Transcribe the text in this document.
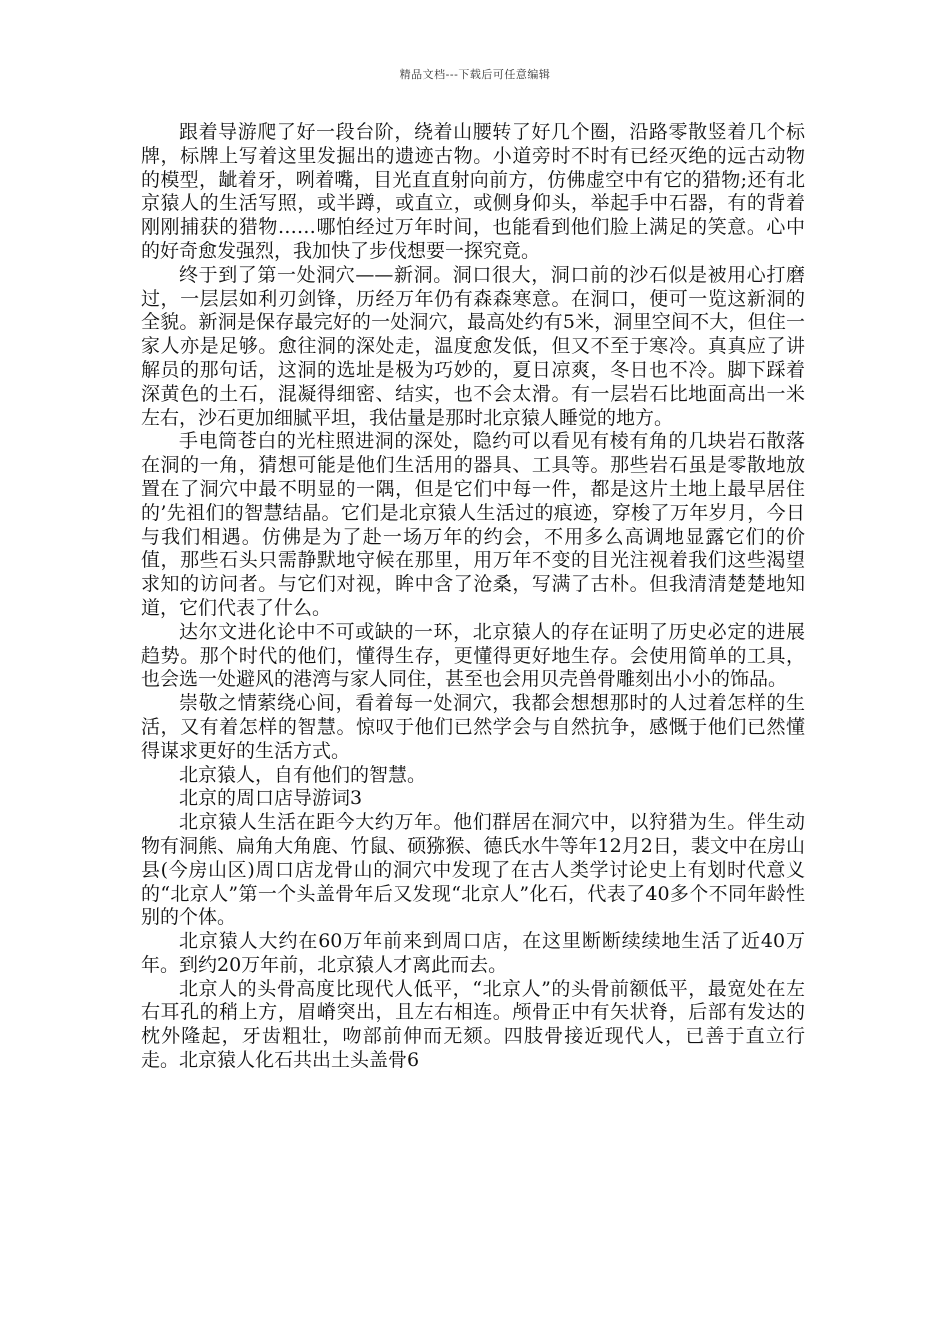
精品文档---下载后可任意编辑

跟着导游爬了好一段台阶，绕着山腰转了好几个圈，沿路零散竖着几个标牌，标牌上写着这里发掘出的遗迹古物。小道旁时不时有已经灭绝的远古动物的模型，龇着牙，咧着嘴，目光直直射向前方，仿佛虚空中有它的猎物;还有北京猿人的生活写照，或半蹲，或直立，或侧身仰头，举起手中石器，有的背着刚刚捕获的猎物……哪怕经过万年时间，也能看到他们脸上满足的笑意。心中的好奇愈发强烈，我加快了步伐想要一探究竟。

终于到了第一处洞穴——新洞。洞口很大，洞口前的沙石似是被用心打磨过，一层层如利刃剑锋，历经万年仍有森森寒意。在洞口，便可一览这新洞的全貌。新洞是保存最完好的一处洞穴，最高处约有5米，洞里空间不大，但住一家人亦是足够。愈往洞的深处走，温度愈发低，但又不至于寒冷。真真应了讲解员的那句话，这洞的选址是极为巧妙的，夏日凉爽，冬日也不冷。脚下踩着深黄色的土石，混凝得细密、结实，也不会太滑。有一层岩石比地面高出一米左右，沙石更加细腻平坦，我估量是那时北京猿人睡觉的地方。

手电筒苍白的光柱照进洞的深处，隐约可以看见有棱有角的几块岩石散落在洞的一角，猜想可能是他们生活用的器具、工具等。那些岩石虽是零散地放置在了洞穴中最不明显的一隅，但是它们中每一件，都是这片土地上最早居住的’先祖们的智慧结晶。它们是北京猿人生活过的痕迹，穿梭了万年岁月，今日与我们相遇。仿佛是为了赴一场万年的约会，不用多么高调地显露它们的价值，那些石头只需静默地守候在那里，用万年不变的目光注视着我们这些渴望求知的访问者。与它们对视，眸中含了沧桑，写满了古朴。但我清清楚楚地知道，它们代表了什么。

达尔文进化论中不可或缺的一环，北京猿人的存在证明了历史必定的进展趋势。那个时代的他们，懂得生存，更懂得更好地生存。会使用简单的工具，也会选一处避风的港湾与家人同住，甚至也会用贝壳兽骨雕刻出小小的饰品。

崇敬之情萦绕心间，看着每一处洞穴，我都会想想那时的人过着怎样的生活，又有着怎样的智慧。惊叹于他们已然学会与自然抗争，感慨于他们已然懂得谋求更好的生活方式。

北京猿人，自有他们的智慧。

北京的周口店导游词3

北京猿人生活在距今大约万年。他们群居在洞穴中，以狩猎为生。伴生动物有洞熊、扁角大角鹿、竹鼠、硕猕猴、德氏水牛等年12月2日，裴文中在房山县(今房山区)周口店龙骨山的洞穴中发现了在古人类学讨论史上有划时代意义的“北京人”第一个头盖骨年后又发现“北京人”化石，代表了40多个不同年龄性别的个体。

北京猿人大约在60万年前来到周口店，在这里断断续续地生活了近40万年。到约20万年前，北京猿人才离此而去。

北京人的头骨高度比现代人低平，“北京人”的头骨前额低平，最宽处在左右耳孔的稍上方，眉嵴突出，且左右相连。颅骨正中有矢状脊，后部有发达的枕外隆起，牙齿粗壮，吻部前伸而无颏。四肢骨接近现代人，已善于直立行走。北京猿人化石共出土头盖骨6
